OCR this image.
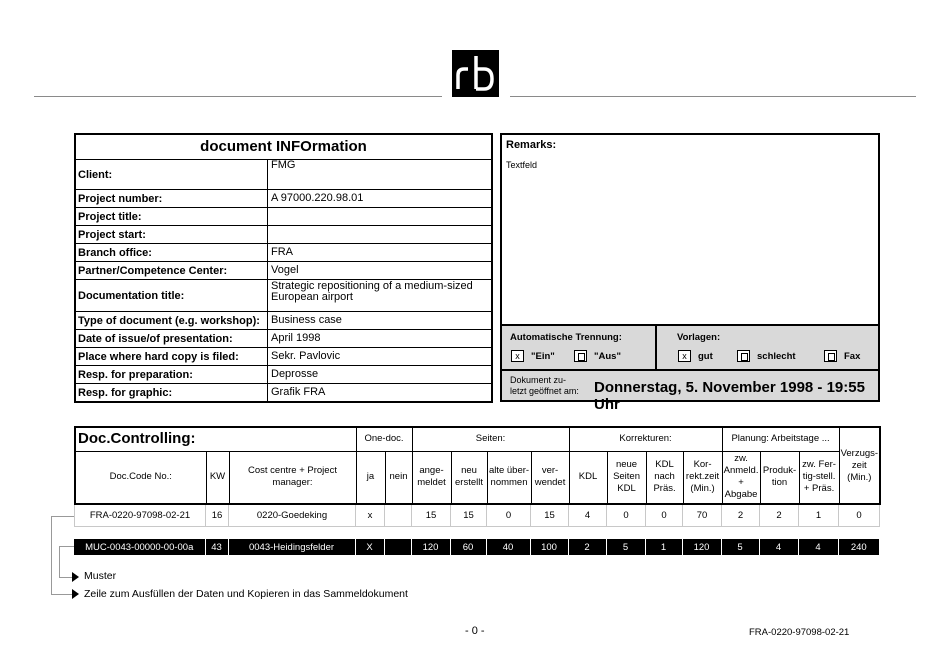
document INFOrmation
Client:
FMG
Project number:	A 97000.220.98.01
Project title:
Project start:
Branch office:	FRA
Partner/Competence Center:	Vogel
Documentation title:
Strategic repositioning of a medium-sized European airport
Type of document (e.g. workshop):	Business case
Date of issue/of presentation:	April 1998
Place where hard copy is filed:	Sekr. Pavlovic
Resp. for preparation:	Deprosse
Resp. for graphic:	Grafik FRA
Remarks:
Textfeld
Automatische Trennung:
x	"Ein"	"Aus"
Vorlagen:
x	gut	schlecht	Fax
Dokument zu-
letzt geöffnet am: Donnerstag, 5. November 1998 - 19:55 Uhr
Doc.Controlling:			One-doc.		Seiten:				Korrekturen:				Planung: Arbeitstage ...			Verzugs-zeit (Min.)
Doc.Code No.:	KW	Cost centre + Project manager:	ja	nein	ange-meldet	neu erstellt	alte über-nommen	ver-wendet	KDL	neue Seiten KDL	KDL nach Präs.	Kor-rekt.zeit (Min.)	zw. Anmeld. + Abgabe	Produk-tion	zw. Fer-tig-stell. + Präs.	
FRA-0220-97098-02-21	16	0220-Goedeking	x		15	15	0	15	4	0	0	70	2	2	1	0
MUC-0043-00000-00-00a	43	0043-Heidingsfelder	X		120	60	40	100	2	5	1	120	5	4	4	240
Muster
Zeile zum Ausfüllen der Daten und Kopieren in das Sammeldokument
- 0 -	FRA-0220-97098-02-21
